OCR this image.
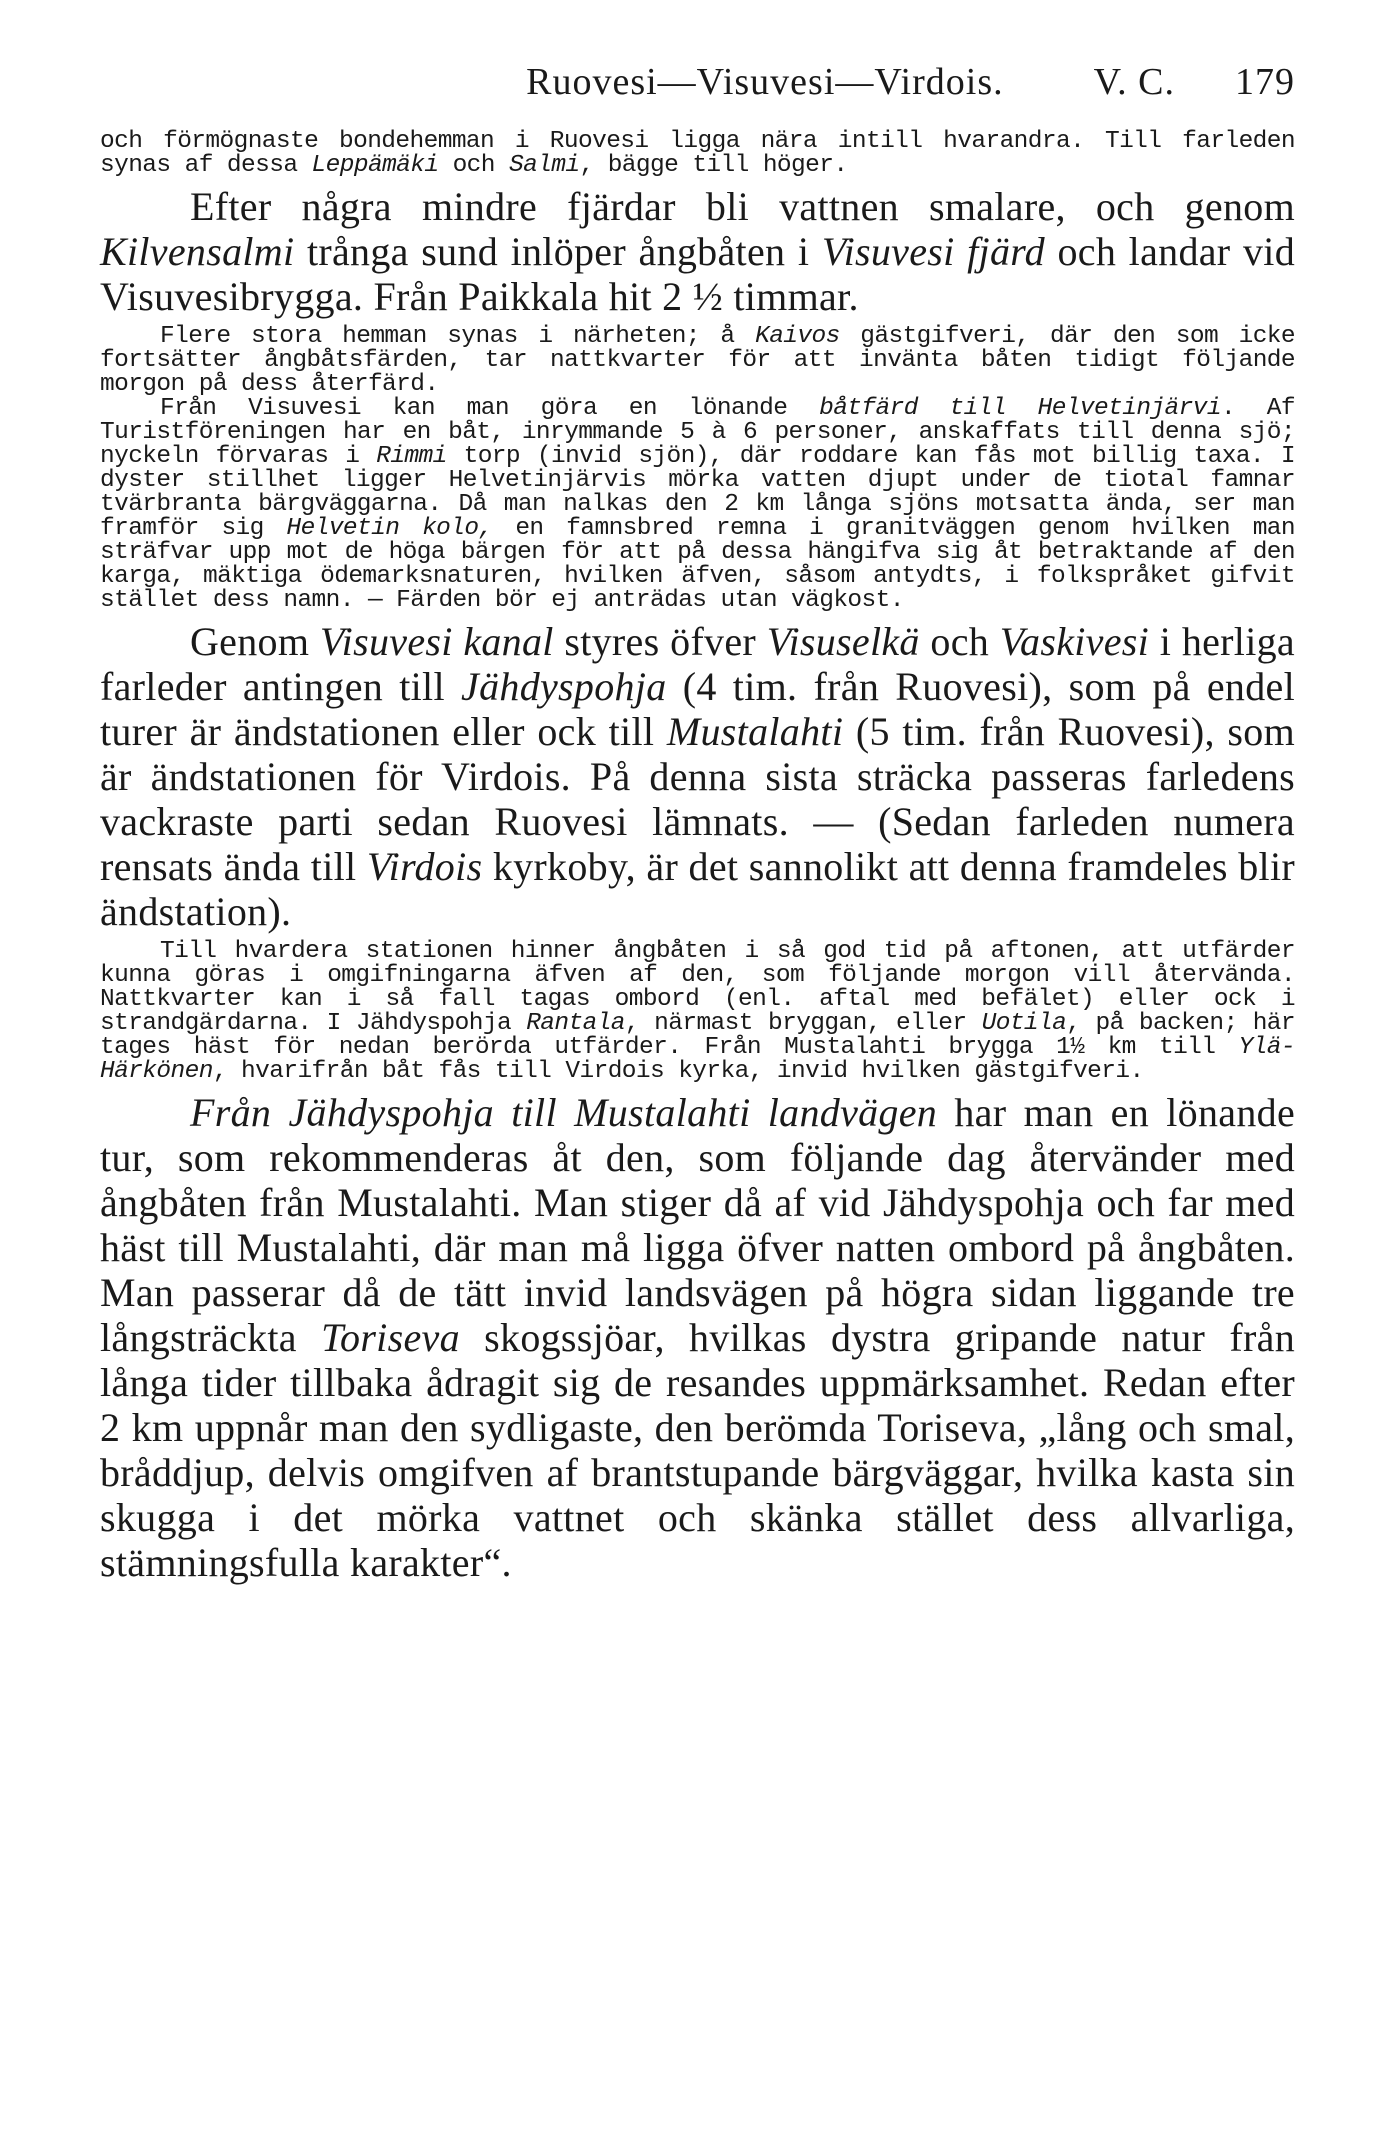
Ruovesi—Visuvesi—Virdois. V. C. 179

och förmögnaste bondehemman i Ruovesi ligga nära intill hvarandra. Till farleden synas af dessa Leppämäki och Salmi, bägge till höger.

Efter några mindre fjärdar bli vattnen smalare, och genom Kilvensalmi trånga sund inlöper ångbåten i Visuvesi fjärd och landar vid Visuvesibrygga. Från Paikkala hit 2 ½ timmar.

Flere stora hemman synas i närheten; å Kaivos gästgifveri, där den som icke fortsätter ångbåtsfärden, tar nattkvarter för att invänta båten tidigt följande morgon på dess återfärd.

Från Visuvesi kan man göra en lönande båtfärd till Helvetinjärvi. Af Turistföreningen har en båt, inrymmande 5 à 6 personer, anskaffats till denna sjö; nyckeln förvaras i Rimmi torp (invid sjön), där roddare kan fås mot billig taxa. I dyster stillhet ligger Helvetinjärvis mörka vatten djupt under de tiotal famnar tvärbranta bärgväggarna. Då man nalkas den 2 km långa sjöns motsatta ända, ser man framför sig Helvetin kolo, en famnsbred remna i granitväggen genom hvilken man sträfvar upp mot de höga bärgen för att på dessa hängifva sig åt betraktande af den karga, mäktiga ödemarksnaturen, hvilken äfven, såsom antydts, i folkspråket gifvit stället dess namn. — Färden bör ej anträdas utan vägkost.

Genom Visuvesi kanal styres öfver Visuselkä och Vaskivesi i herliga farleder antingen till Jähdyspohja (4 tim. från Ruovesi), som på endel turer är ändstationen eller ock till Mustalahti (5 tim. från Ruovesi), som är ändstationen för Virdois. På denna sista sträcka passeras farledens vackraste parti sedan Ruovesi lämnats. — (Sedan farleden numera rensats ända till Virdois kyrkoby, är det sannolikt att denna framdeles blir ändstation).

Till hvardera stationen hinner ångbåten i så god tid på aftonen, att utfärder kunna göras i omgifningarna äfven af den, som följande morgon vill återvända. Nattkvarter kan i så fall tagas ombord (enl. aftal med befälet) eller ock i strandgärdarna. I Jähdyspohja Rantala, närmast bryggan, eller Uotila, på backen; här tages häst för nedan berörda utfärder. Från Mustalahti brygga 1½ km till Ylä-Härkönen, hvarifrån båt fås till Virdois kyrka, invid hvilken gästgifveri.

Från Jähdyspohja till Mustalahti landvägen har man en lönande tur, som rekommenderas åt den, som följande dag återvänder med ångbåten från Mustalahti. Man stiger då af vid Jähdyspohja och far med häst till Mustalahti, där man må ligga öfver natten ombord på ångbåten. Man passerar då de tätt invid landsvägen på högra sidan liggande tre långsträckta Toriseva skogssjöar, hvilkas dystra gripande natur från långa tider tillbaka ådragit sig de resandes uppmärksamhet. Redan efter 2 km uppnår man den sydligaste, den berömda Toriseva, „lång och smal, bråddjup, delvis omgifven af brantstupande bärgväggar, hvilka kasta sin skugga i det mörka vattnet och skänka stället dess allvarliga, stämningsfulla karakter“.
